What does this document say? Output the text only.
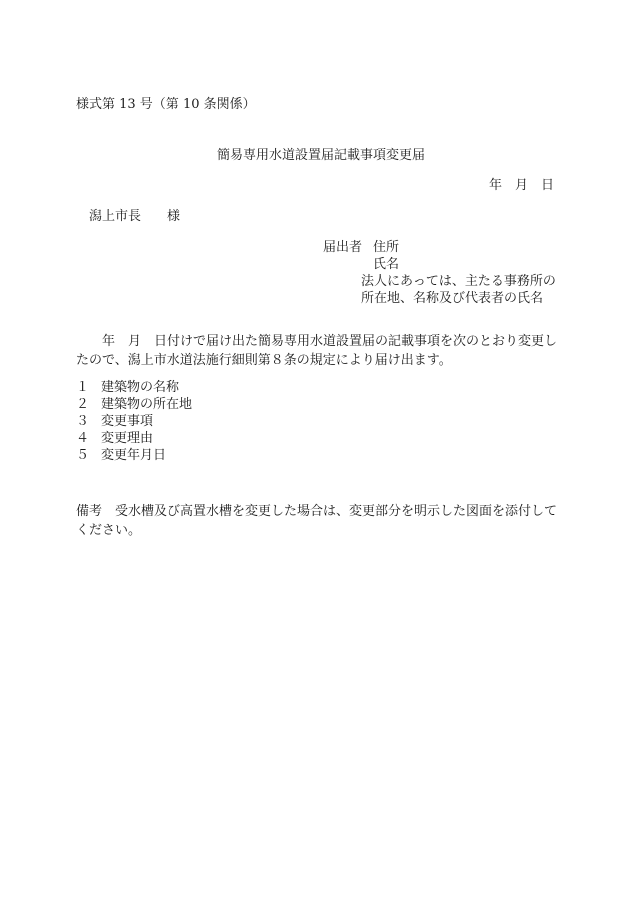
様式第 13 号（第 10 条関係）
簡易専用水道設置届記載事項変更届
年　月　日
潟上市長　　様
届出者 住所
氏名
法人にあっては、主たる事務所の
所在地、名称及び代表者の氏名
　　年　月　日付けで届け出た簡易専用水道設置届の記載事項を次のとおり変更したので、潟上市水道法施行細則第８条の規定により届け出ます。
１ 建築物の名称
２ 建築物の所在地
３ 変更事項
４ 変更理由
５ 変更年月日
備考　受水槽及び高置水槽を変更した場合は、変更部分を明示した図面を添付してください。
